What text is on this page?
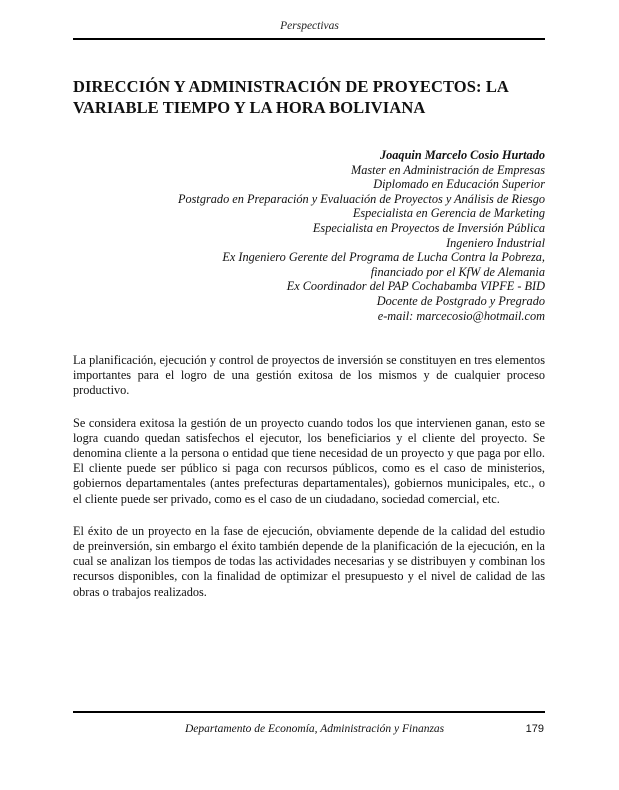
Perspectivas
DIRECCIÓN Y ADMINISTRACIÓN DE PROYECTOS: LA
VARIABLE TIEMPO Y LA HORA BOLIVIANA
Joaquin Marcelo Cosio Hurtado
Master en Administración de Empresas
Diplomado en Educación Superior
Postgrado en Preparación y Evaluación de Proyectos y Análisis de Riesgo
Especialista en Gerencia de Marketing
Especialista en Proyectos de Inversión Pública
Ingeniero Industrial
Ex Ingeniero Gerente del Programa de Lucha Contra la Pobreza,
financiado por el KfW de Alemania
Ex Coordinador del PAP Cochabamba VIPFE - BID
Docente de Postgrado y Pregrado
e-mail: marcecosio@hotmail.com

La planificación, ejecución y control de proyectos de inversión se constituyen en tres elementos importantes para el logro de una gestión exitosa de los mismos y de cualquier proceso productivo.

Se considera exitosa la gestión de un proyecto cuando todos los que intervienen ganan, esto se logra cuando quedan satisfechos el ejecutor, los beneficiarios y el cliente del proyecto. Se denomina cliente a la persona o entidad que tiene necesidad de un proyecto y que paga por ello. El cliente puede ser público si paga con recursos públicos, como es el caso de ministerios, gobiernos departamentales (antes prefecturas departamentales), gobiernos municipales, etc., o el cliente puede ser privado, como es el caso de un ciudadano, sociedad comercial, etc.

El éxito de un proyecto en la fase de ejecución, obviamente depende de la calidad del estudio de preinversión, sin embargo el éxito también depende de la planificación de la ejecución, en la cual se analizan los tiempos de todas las actividades necesarias y se distribuyen y combinan los recursos disponibles, con la finalidad de optimizar el presupuesto y el nivel de calidad de las obras o trabajos realizados.

Departamento de Economía, Administración y Finanzas	179
